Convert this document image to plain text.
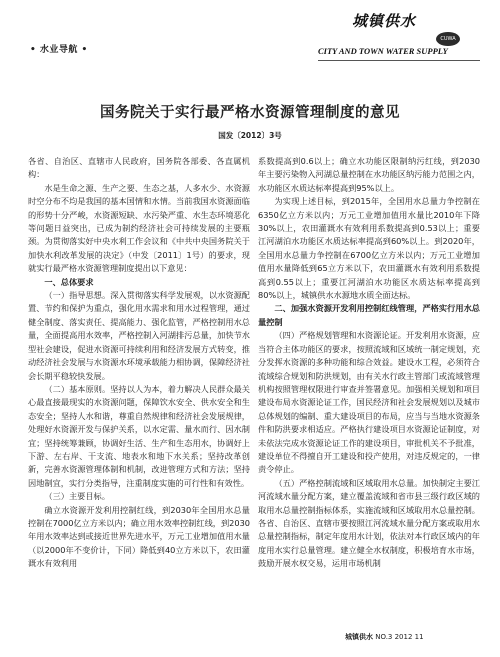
• 水业导航 •
城镇供水
CUWA
CITY AND TOWN WATER SUPPLY
国务院关于实行最严格水资源管理制度的意见
国发〔2012〕3号

各省、自治区、直辖市人民政府，国务院各部委、各直属机构：

水是生命之源、生产之要、生态之基，人多水少、水资源时空分布不均是我国的基本国情和水情。当前我国水资源面临的形势十分严峻，水资源短缺、水污染严重、水生态环境恶化等问题日益突出，已成为制约经济社会可持续发展的主要瓶颈。为贯彻落实好中央水利工作会议和《中共中央国务院关于加快水利改革发展的决定》（中发〔2011〕1号）的要求，现就实行最严格水资源管理制度提出以下意见：

一、总体要求

（一）指导思想。深入贯彻落实科学发展观，以水资源配置、节约和保护为重点，强化用水需求和用水过程管理，通过健全制度、落实责任、提高能力、强化监管，严格控制用水总量，全面提高用水效率，严格控制入河湖排污总量，加快节水型社会建设，促进水资源可持续利用和经济发展方式转变，推动经济社会发展与水资源水环境承载能力相协调，保障经济社会长期平稳较快发展。

（二）基本原则。坚持以人为本，着力解决人民群众最关心最直接最现实的水资源问题，保障饮水安全、供水安全和生态安全；坚持人水和谐，尊重自然规律和经济社会发展规律，处理好水资源开发与保护关系，以水定需、量水而行、因水制宜；坚持统筹兼顾，协调好生活、生产和生态用水，协调好上下游、左右岸、干支流、地表水和地下水关系；坚持改革创新，完善水资源管理体制和机制，改进管理方式和方法；坚持因地制宜，实行分类指导，注重制度实施的可行性和有效性。

（三）主要目标。

确立水资源开发利用控制红线，到2030年全国用水总量控制在7000亿立方米以内；确立用水效率控制红线，到2030年用水效率达到或接近世界先进水平，万元工业增加值用水量（以2000年不变价计，下同）降低到40立方米以下，农田灌溉水有效利用

系数提高到0.6以上；确立水功能区限制纳污红线，到2030年主要污染物入河湖总量控制在水功能区纳污能力范围之内，水功能区水质达标率提高到95%以上。

为实现上述目标，到2015年，全国用水总量力争控制在6350亿立方米以内；万元工业增加值用水量比2010年下降30%以上，农田灌溉水有效利用系数提高到0.53以上；重要江河湖泊水功能区水质达标率提高到60%以上。到2020年，全国用水总量力争控制在6700亿立方米以内；万元工业增加值用水量降低到65立方米以下，农田灌溉水有效利用系数提高到0.55以上；重要江河湖泊水功能区水质达标率提高到80%以上，城镇供水水源地水质全面达标。

二、加强水资源开发利用控制红线管理，严格实行用水总量控制

（四）严格规划管理和水资源论证。开发利用水资源，应当符合主体功能区的要求，按照流域和区域统一制定规划，充分发挥水资源的多种功能和综合效益。建设水工程，必须符合流域综合规划和防洪规划，由有关水行政主管部门或流域管理机构按照管理权限进行审查并签署意见。加强相关规划和项目建设布局水资源论证工作，国民经济和社会发展规划以及城市总体规划的编制、重大建设项目的布局，应当与当地水资源条件和防洪要求相适应。严格执行建设项目水资源论证制度，对未依法完成水资源论证工作的建设项目，审批机关不予批准，建设单位不得擅自开工建设和投产使用，对违反规定的，一律责令停止。

（五）严格控制流域和区域取用水总量。加快制定主要江河流域水量分配方案，建立覆盖流域和省市县三级行政区域的取用水总量控制指标体系，实施流域和区域取用水总量控制。各省、自治区、直辖市要按照江河流域水量分配方案或取用水总量控制指标，制定年度用水计划，依法对本行政区域内的年度用水实行总量管理。建立健全水权制度，积极培育水市场，鼓励开展水权交易，运用市场机制

城镇供水 NO.3 2012 11
